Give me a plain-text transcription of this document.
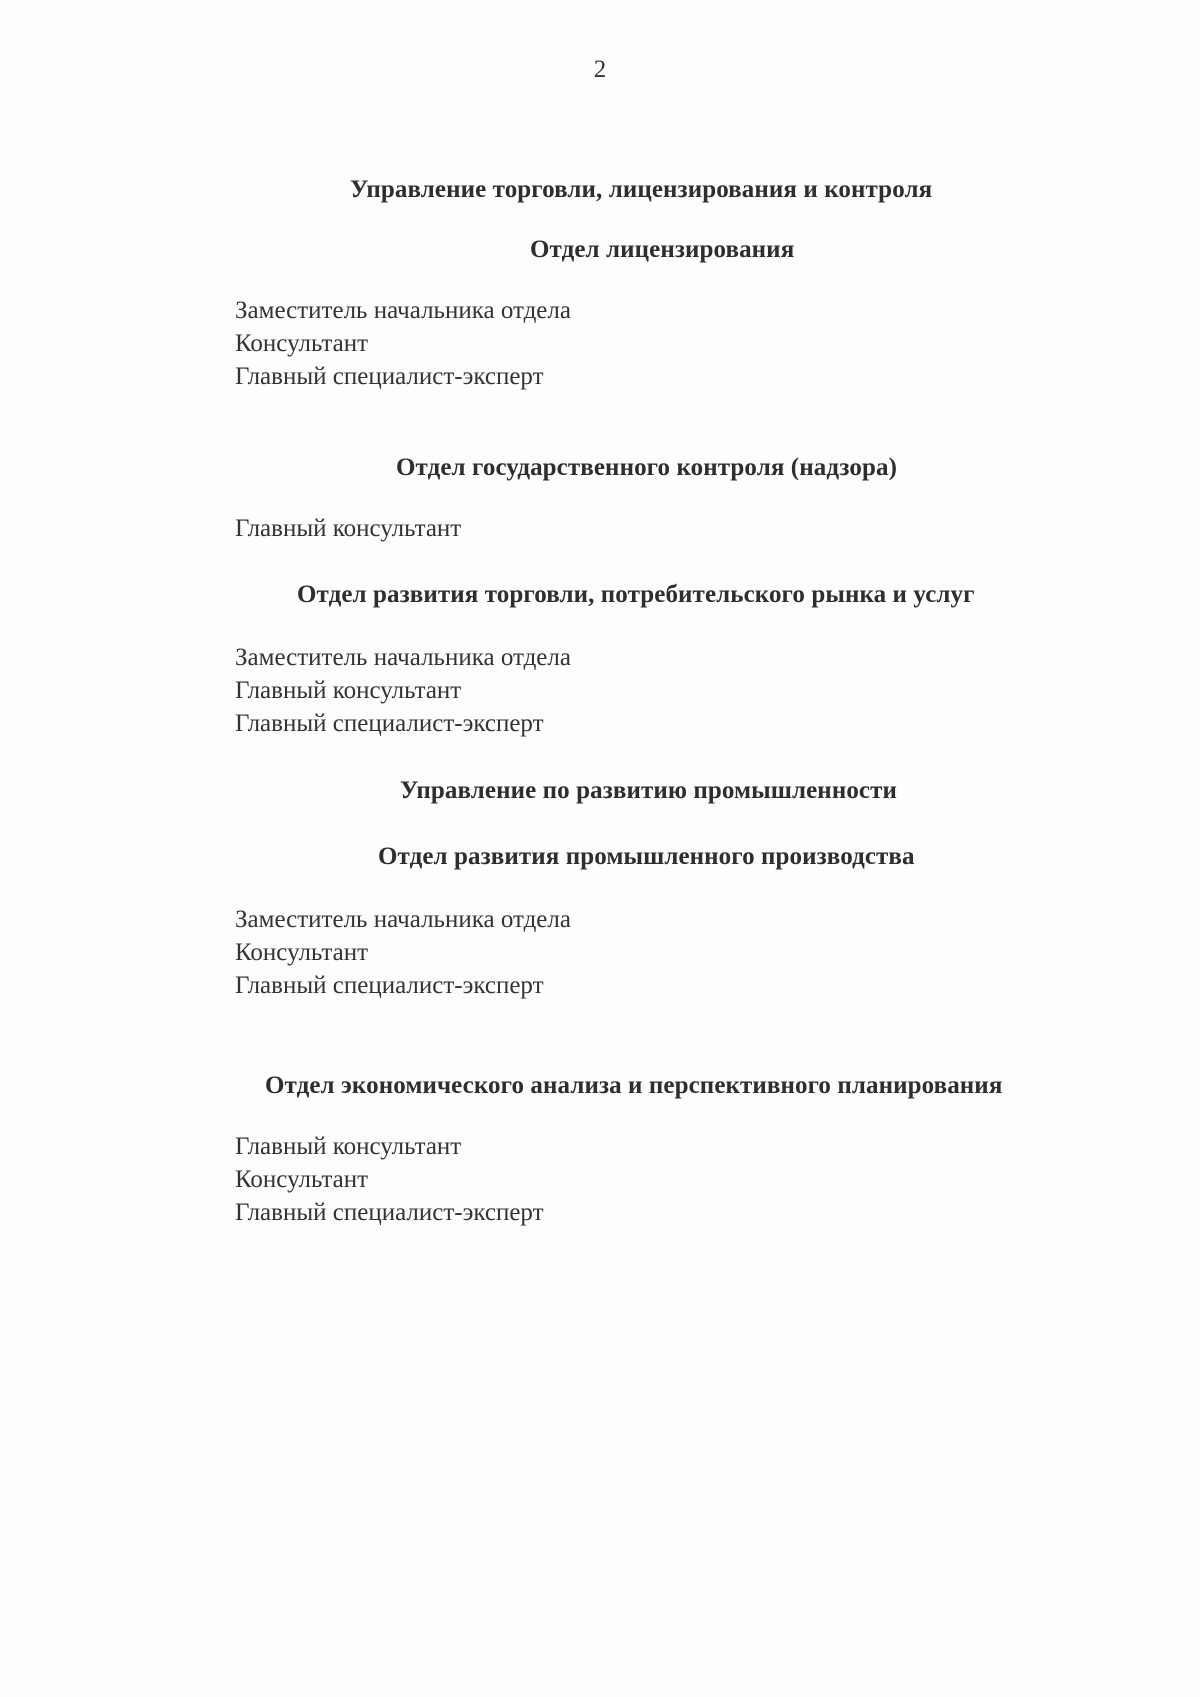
2
Управление торговли, лицензирования и контроля
Отдел лицензирования
Заместитель начальника отдела
Консультант
Главный специалист-эксперт
Отдел государственного контроля (надзора)
Главный консультант
Отдел развития торговли, потребительского рынка и услуг
Заместитель начальника отдела
Главный консультант
Главный специалист-эксперт
Управление по развитию промышленности
Отдел развития промышленного производства
Заместитель начальника отдела
Консультант
Главный специалист-эксперт
Отдел экономического анализа и перспективного планирования
Главный консультант
Консультант
Главный специалист-эксперт
